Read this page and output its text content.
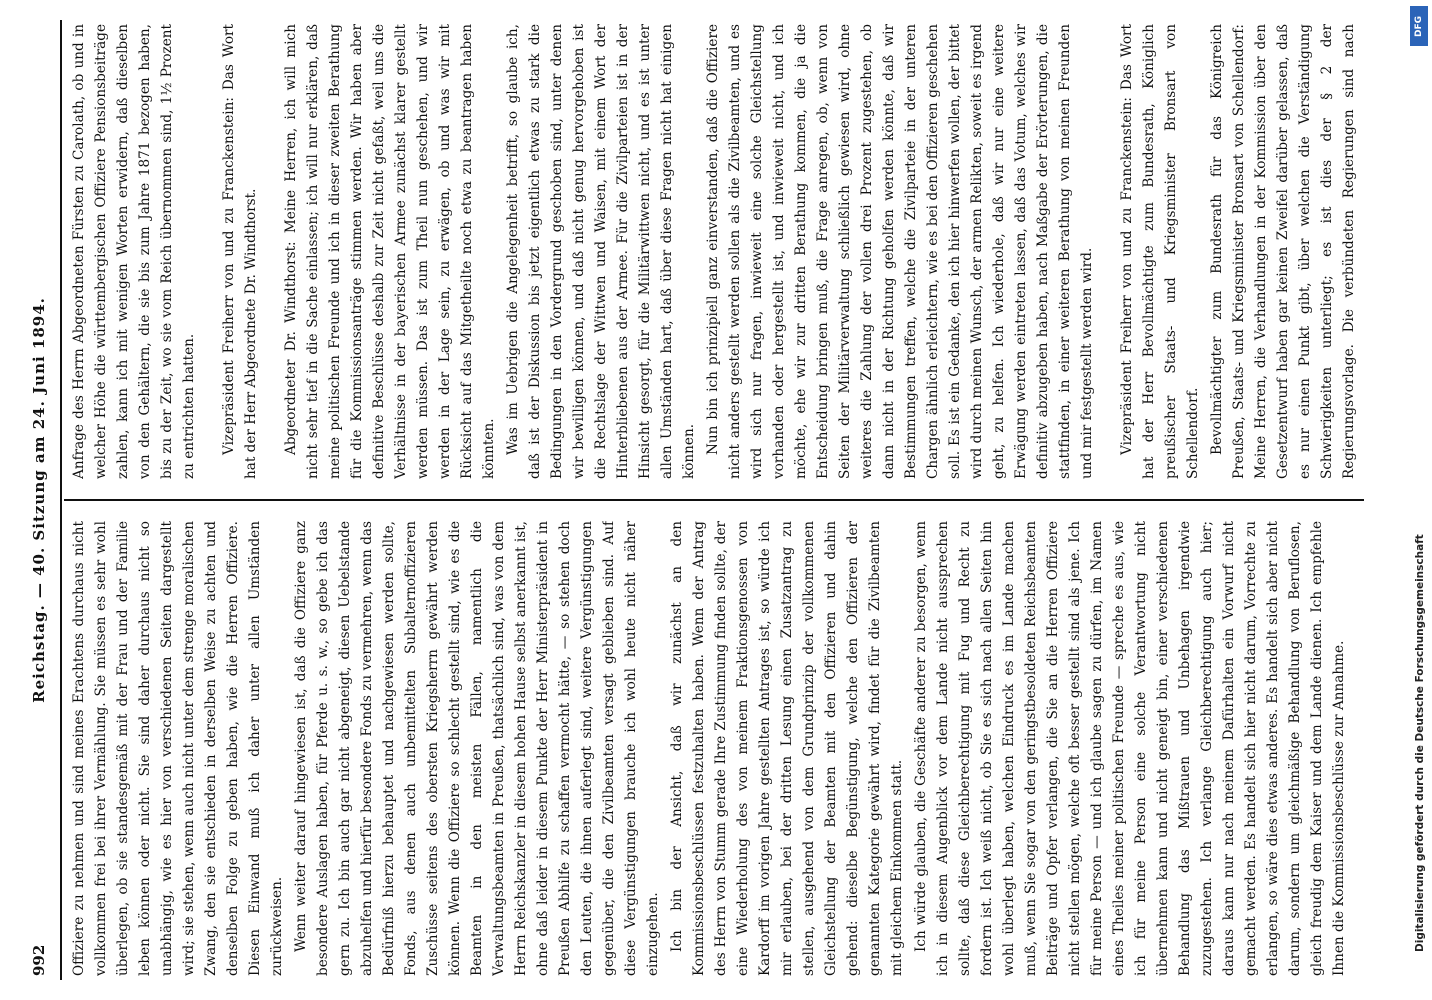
992
Reichstag. — 40. Sitzung am 24. Juni 1894.

Offiziere zu nehmen und sind meines Erachtens durchaus nicht vollkommen frei bei ihrer Vermählung. Sie müssen es sehr wohl überlegen, ob sie standesgemäß mit der Frau und der Familie leben können oder nicht. Sie sind daher durchaus nicht so unabhängig, wie es hier von verschiedenen Seiten dargestellt wird; sie stehen, wenn auch nicht unter dem strenge moralischen Zwang, den sie entschieden in derselben Weise zu achten und denselben Folge zu geben haben, wie die Herren Offiziere. Diesen Einwand muß ich daher unter allen Umständen zurückweisen. Wenn weiter darauf hingewiesen ist, daß die Offiziere ganz besondere Auslagen haben, für Pferde u. s. w., so gebe ich das gern zu. Ich bin auch gar nicht abgeneigt, diesen Uebelstande abzuhelfen und hierfür besondere Fonds zu vermehren, wenn das Bedürfniß hierzu behauptet und nachgewiesen werden sollte, Fonds, aus denen auch unbemittelten Subalternoffizieren Zuschüsse seitens des obersten Kriegsherrn gewährt werden können. Wenn die Offiziere so schlecht gestellt sind, wie es die Beamten in den meisten Fällen, namentlich die Verwaltungsbeamten in Preußen, thatsächlich sind, was von dem Herrn Reichskanzler in diesem hohen Hause selbst anerkannt ist, ohne daß leider in diesem Punkte der Herr Ministerpräsident in Preußen Abhilfe zu schaffen vermocht hätte, — so stehen doch den Leuten, die ihnen auferlegt sind, weitere Vergünstigungen gegenüber, die den Zivilbeamten versagt geblieben sind. Auf diese Vergünstigungen brauche ich wohl heute nicht näher einzugehen. Ich bin der Ansicht, daß wir zunächst an den Kommissionsbeschlüssen festzuhalten haben. Wenn der Antrag des Herrn von Stumm gerade Ihre Zustimmung finden sollte, der eine Wiederholung des von meinem Fraktionsgenossen von Kardorff im vorigen Jahre gestellten Antrages ist, so würde ich mir erlauben, bei der dritten Lesung einen Zusatzantrag zu stellen, ausgehend von dem Grundprinzip der vollkommenen Gleichstellung der Beamten mit den Offizieren und dahin gehend: dieselbe Begünstigung, welche den Offizieren der genannten Kategorie gewährt wird, findet für die Zivilbeamten mit gleichem Einkommen statt. Ich würde glauben, die Geschäfte anderer zu besorgen, wenn ich in diesem Augenblick vor dem Lande nicht aussprechen sollte, daß diese Gleichberechtigung mit Fug und Recht zu fordern ist. Ich weiß nicht, ob Sie es sich nach allen Seiten hin wohl überlegt haben, welchen Eindruck es im Lande machen muß, wenn Sie sogar von den geringstbesoldeten Reichsbeamten Beiträge und Opfer verlangen, die Sie an die Herren Offiziere nicht stellen mögen, welche oft besser gestellt sind als jene. Ich für meine Person — und ich glaube sagen zu dürfen, im Namen eines Theiles meiner politischen Freunde — spreche es aus, wie ich für meine Person eine solche Verantwortung nicht übernehmen kann und nicht geneigt bin, einer verschiedenen Behandlung das Mißtrauen und Unbehagen irgendwie zuzugestehen. Ich verlange Gleichberechtigung auch hier; daraus kann nur nach meinem Dafürhalten ein Vorwurf nicht gemacht werden. Es handelt sich hier nicht darum, Vorrechte zu erlangen, so wäre dies etwas anderes. Es handelt sich aber nicht darum, sondern um gleichmäßige Behandlung von Beruflosen, gleich freudig dem Kaiser und dem Lande dienen. Ich empfehle Ihnen die Kommissionsbeschlüsse zur Annahme.

Anfrage des Herrn Abgeordneten Fürsten zu Carolath, ob und in welcher Höhe die württembergischen Offiziere Pensionsbeiträge zahlen, kann ich mit wenigen Worten erwidern, daß dieselben von den Gehältern, die sie bis zum Jahre 1871 bezogen haben, bis zu der Zeit, wo sie vom Reich übernommen sind, 1½ Prozent zu entrichten hatten. Vizepräsident Freiherr von und zu Franckenstein: Das Wort hat der Herr Abgeordnete Dr. Windthorst. Abgeordneter Dr. Windthorst: Meine Herren, ich will mich nicht sehr tief in die Sache einlassen; ich will nur erklären, daß meine politischen Freunde und ich in dieser zweiten Berathung für die Kommissionsanträge stimmen werden. Wir haben aber definitive Beschlüsse deshalb zur Zeit nicht gefaßt, weil uns die Verhältnisse in der bayerischen Armee zunächst klarer gestellt werden müssen. Das ist zum Theil nun geschehen, und wir werden in der Lage sein, zu erwägen, ob und was wir mit Rücksicht auf das Mitgetheilte noch etwa zu beantragen haben könnten. Was im Uebrigen die Angelegenheit betrifft, so glaube ich, daß ist der Diskussion bis jetzt eigentlich etwas zu stark die Bedingungen in den Vordergrund geschoben sind, unter denen wir bewilligen können, und daß nicht genug hervorgehoben ist die Rechtslage der Wittwen und Waisen, mit einem Wort der Hinterbliebenen aus der Armee. Für die Zivilparteien ist in der Hinsicht gesorgt, für die Militärwittwen nicht, und es ist unter allen Umständen hart, daß über diese Fragen nicht hat einigen können. Nun bin ich prinzipiell ganz einverstanden, daß die Offiziere nicht anders gestellt werden sollen als die Zivilbeamten, und es wird sich nur fragen, inwieweit eine solche Gleichstellung vorhanden oder hergestellt ist, und inwieweit nicht, und ich möchte, ehe wir zur dritten Berathung kommen, die ja die Entscheidung bringen muß, die Frage anregen, ob, wenn von Seiten der Militärverwaltung schließlich gewiesen wird, ohne weiteres die Zahlung der vollen drei Prozent zugestehen, ob dann nicht in der Richtung geholfen werden könnte, daß wir Bestimmungen treffen, welche die Zivilparteie in der unteren Chargen ähnlich erleichtern, wie es bei den Offizieren geschehen soll. Es ist ein Gedanke, den ich hier hinwerfen wollen, der bittet wird durch meinen Wunsch, der armen Relikten, soweit es irgend geht, zu helfen. Ich wiederhole, daß wir nur eine weitere Erwägung werden eintreten lassen, daß das Votum, welches wir definitiv abzugeben haben, nach Maßgabe der Erörterungen, die stattfinden, in einer weiteren Berathung von meinen Freunden und mir festgestellt werden wird. Vizepräsident Freiherr von und zu Franckenstein: Das Wort hat der Herr Bevollmächtigte zum Bundesrath, Königlich preußischer Staats- und Kriegsminister Bronsart von Schellendorf. Bevollmächtigter zum Bundesrath für das Königreich Preußen, Staats- und Kriegsminister Bronsart von Schellendorf: Meine Herren, die Verhandlungen in der Kommission über den Gesetzentwurf haben gar keinen Zweifel darüber gelassen, daß es nur einen Punkt gibt, über welchen die Verständigung Schwierigkeiten unterliegt; es ist dies der § 2 der Regierungsvorlage. Die verbündeten Regierungen sind nach	DFG
Digitalisierung gefördert durch die Deutsche Forschungsgemeinschaft
